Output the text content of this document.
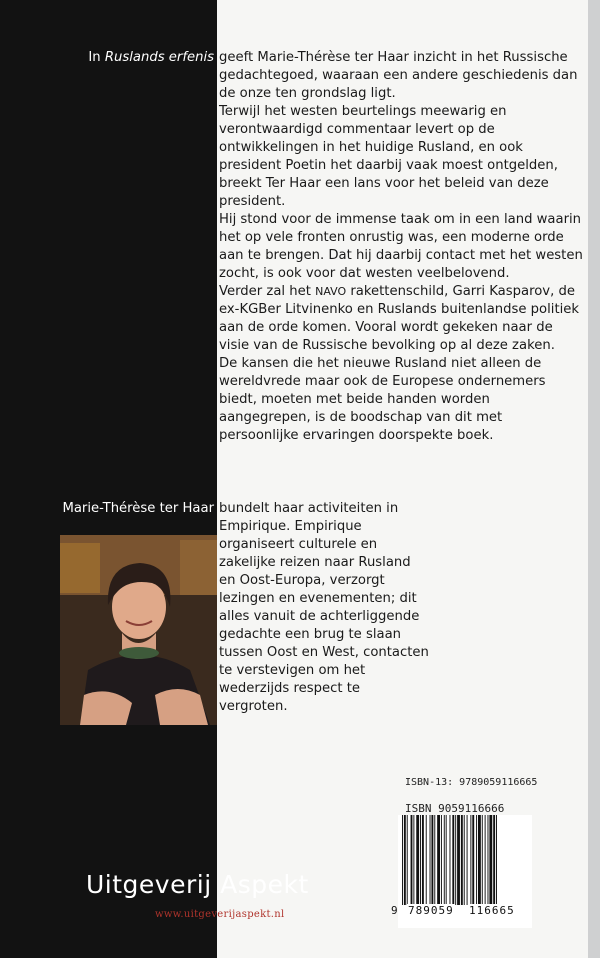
In Ruslands erfenis geeft Marie-Thérèse ter Haar inzicht in het Russische gedachtegoed, waaraan een andere geschiedenis dan de onze ten grondslag ligt.

Terwijl het westen beurtelings meewarig en verontwaardigd commentaar levert op de ontwikkelingen in het huidige Rusland, en ook president Poetin het daarbij vaak moest ontgelden, breekt Ter Haar een lans voor het beleid van deze president.

Hij stond voor de immense taak om in een land waarin het op vele fronten onrustig was, een moderne orde aan te brengen. Dat hij daarbij contact met het westen zocht, is ook voor dat westen veelbelovend.

Verder zal het NAVO rakettenschild, Garri Kasparov, de ex-KGBer Litvinenko en Ruslands buitenlandse politiek aan de orde komen. Vooral wordt gekeken naar de visie van de Russische bevolking op al deze zaken.

De kansen die het nieuwe Rusland niet alleen de wereldvrede maar ook de Europese ondernemers biedt, moeten met beide handen worden aangegrepen, is de boodschap van dit met persoonlijke ervaringen doorspekte boek.

Marie-Thérèse ter Haar bundelt haar activiteiten in Empirique. Empirique organiseert culturele en zakelijke reizen naar Rusland en Oost-Europa, verzorgt lezingen en evenementen; dit alles vanuit de achterliggende gedachte een brug te slaan tussen Oost en West, contacten te verstevigen om het wederzijds respect te vergroten.
ISBN-13: 9789059116665
ISBN 9059116666
9 789059 116665
Uitgeverij Aspekt
www.uitgeverijaspekt.nl
